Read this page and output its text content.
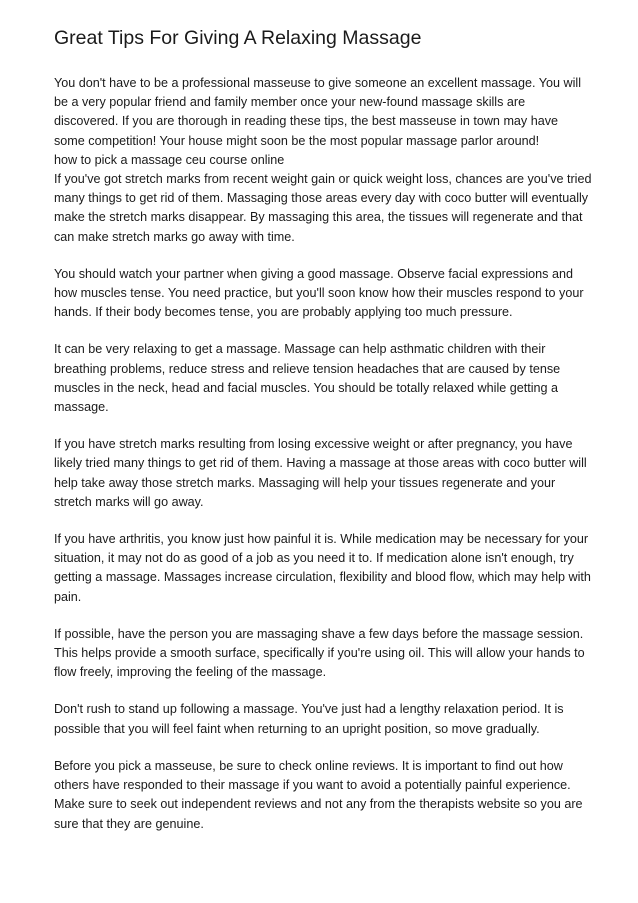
Great Tips For Giving A Relaxing Massage

You don't have to be a professional masseuse to give someone an excellent massage. You will be a very popular friend and family member once your new-found massage skills are discovered. If you are thorough in reading these tips, the best masseuse in town may have some competition! Your house might soon be the most popular massage parlor around!

how to pick a massage ceu course online

If you've got stretch marks from recent weight gain or quick weight loss, chances are you've tried many things to get rid of them. Massaging those areas every day with coco butter will eventually make the stretch marks disappear. By massaging this area, the tissues will regenerate and that can make stretch marks go away with time.

You should watch your partner when giving a good massage. Observe facial expressions and how muscles tense. You need practice, but you'll soon know how their muscles respond to your hands. If their body becomes tense, you are probably applying too much pressure.

It can be very relaxing to get a massage. Massage can help asthmatic children with their breathing problems, reduce stress and relieve tension headaches that are caused by tense muscles in the neck, head and facial muscles. You should be totally relaxed while getting a massage.

If you have stretch marks resulting from losing excessive weight or after pregnancy, you have likely tried many things to get rid of them. Having a massage at those areas with coco butter will help take away those stretch marks. Massaging will help your tissues regenerate and your stretch marks will go away.

If you have arthritis, you know just how painful it is. While medication may be necessary for your situation, it may not do as good of a job as you need it to. If medication alone isn't enough, try getting a massage. Massages increase circulation, flexibility and blood flow, which may help with pain.

If possible, have the person you are massaging shave a few days before the massage session. This helps provide a smooth surface, specifically if you're using oil. This will allow your hands to flow freely, improving the feeling of the massage.

Don't rush to stand up following a massage. You've just had a lengthy relaxation period. It is possible that you will feel faint when returning to an upright position, so move gradually.

Before you pick a masseuse, be sure to check online reviews. It is important to find out how others have responded to their massage if you want to avoid a potentially painful experience. Make sure to seek out independent reviews and not any from the therapists website so you are sure that they are genuine.
